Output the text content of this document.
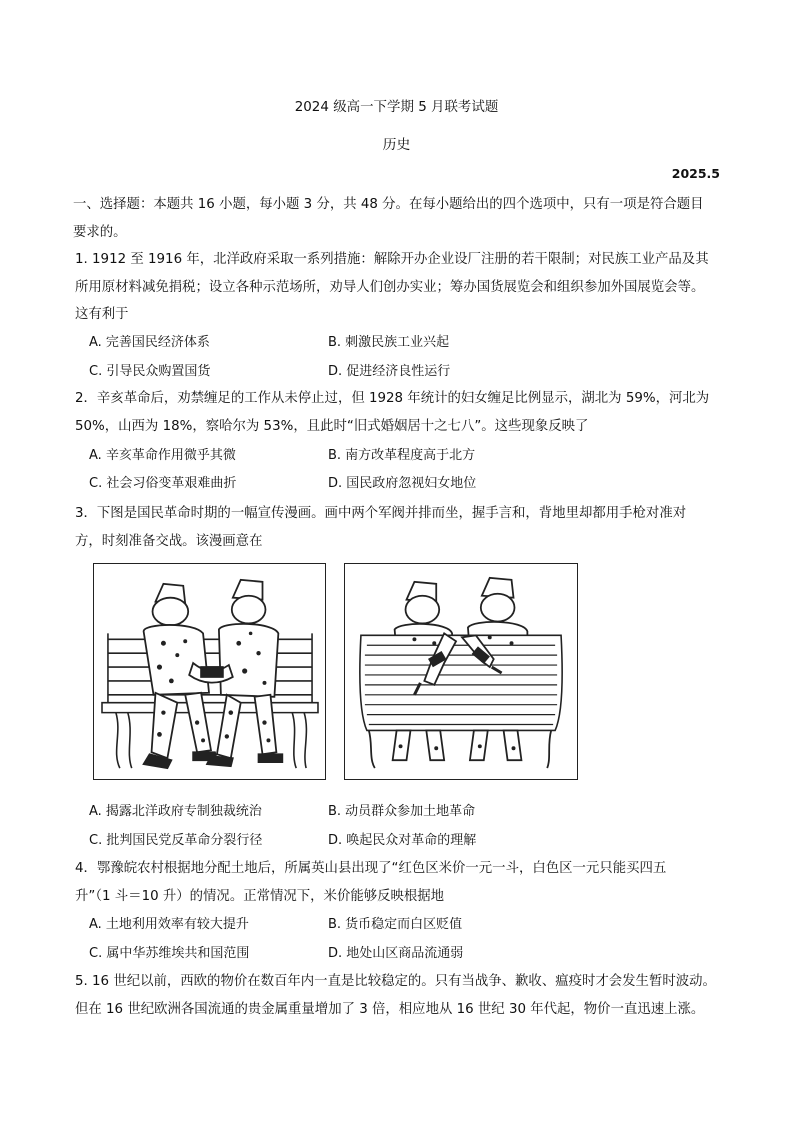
2024 级高一下学期 5 月联考试题
历史
2025.5
一、选择题：本题共 16 小题，每小题 3 分，共 48 分。在每小题给出的四个选项中，只有一项是符合题目
要求的。
1. 1912 至 1916 年，北洋政府采取一系列措施：解除开办企业设厂注册的若干限制；对民族工业产品及其
所用原材料减免捐税；设立各种示范场所，劝导人们创办实业；筹办国货展览会和组织参加外国展览会等。
这有利于
A. 完善国民经济体系	B. 刺激民族工业兴起
C. 引导民众购置国货	D. 促进经济良性运行
2．辛亥革命后，劝禁缠足的工作从未停止过，但 1928 年统计的妇女缠足比例显示，湖北为 59%，河北为
50%，山西为 18%，察哈尔为 53%，且此时“旧式婚姻居十之七八”。这些现象反映了
A. 辛亥革命作用微乎其微	B. 南方改革程度高于北方
C. 社会习俗变革艰难曲折	D. 国民政府忽视妇女地位
3．下图是国民革命时期的一幅宣传漫画。画中两个军阀并排而坐，握手言和，背地里却都用手枪对准对
方，时刻准备交战。该漫画意在
A. 揭露北洋政府专制独裁统治	B. 动员群众参加土地革命
C. 批判国民党反革命分裂行径	D. 唤起民众对革命的理解
4．鄂豫皖农村根据地分配土地后，所属英山县出现了“红色区米价一元一斗，白色区一元只能买四五
升”（1 斗＝10 升）的情况。正常情况下，米价能够反映根据地
A. 土地利用效率有较大提升	B. 货币稳定而白区贬值
C. 属中华苏维埃共和国范围	D. 地处山区商品流通弱
5. 16 世纪以前，西欧的物价在数百年内一直是比较稳定的。只有当战争、歉收、瘟疫时才会发生暂时波动。
但在 16 世纪欧洲各国流通的贵金属重量增加了 3 倍，相应地从 16 世纪 30 年代起，物价一直迅速上涨。
